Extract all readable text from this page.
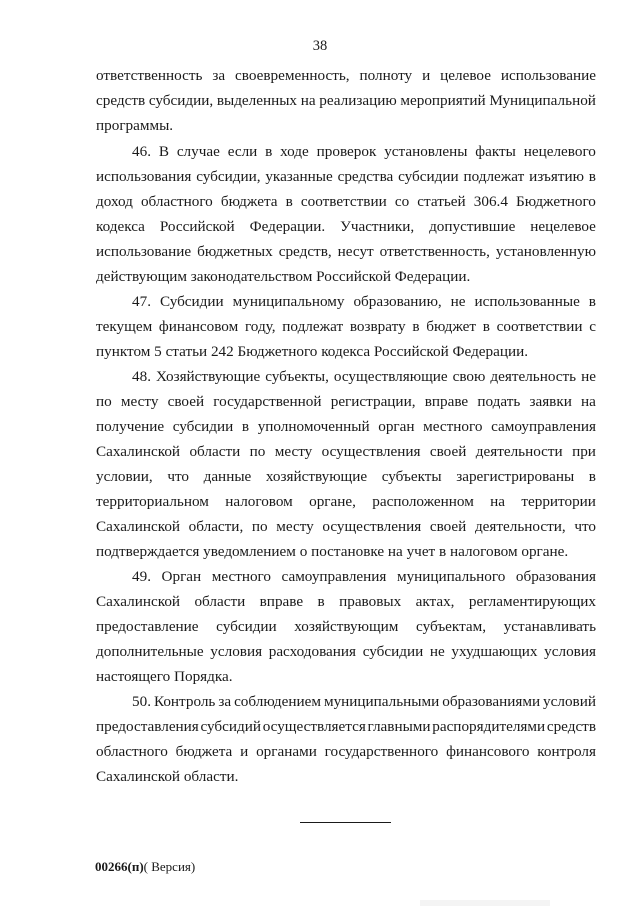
38
ответственность за своевременность, полноту и целевое использование
средств субсидии, выделенных на реализацию мероприятий Муниципальной
программы.
46. В случае если в ходе проверок установлены факты нецелевого
использования субсидии, указанные средства субсидии подлежат изъятию в
доход областного бюджета в соответствии со статьей 306.4 Бюджетного
кодекса Российской Федерации. Участники, допустившие нецелевое
использование бюджетных средств, несут ответственность, установленную
действующим законодательством Российской Федерации.
47. Субсидии муниципальному образованию, не использованные в
текущем финансовом году, подлежат возврату в бюджет в соответствии с
пунктом 5 статьи 242 Бюджетного кодекса Российской Федерации.
48. Хозяйствующие субъекты, осуществляющие свою деятельность не
по месту своей государственной регистрации, вправе подать заявки на
получение субсидии в уполномоченный орган местного самоуправления
Сахалинской области по месту осуществления своей деятельности при
условии, что данные хозяйствующие субъекты зарегистрированы в
территориальном налоговом органе, расположенном на территории
Сахалинской области, по месту осуществления своей деятельности, что
подтверждается уведомлением о постановке на учет в налоговом органе.
49. Орган местного самоуправления муниципального образования
Сахалинской области вправе в правовых актах, регламентирующих
предоставление субсидии хозяйствующим субъектам, устанавливать
дополнительные условия расходования субсидии не ухудшающих условия
настоящего Порядка.
50. Контроль за соблюдением муниципальными образованиями условий
предоставления субсидий осуществляется главными распорядителями средств
областного бюджета и органами государственного финансового контроля
Сахалинской области.
00266(п)( Версия)
